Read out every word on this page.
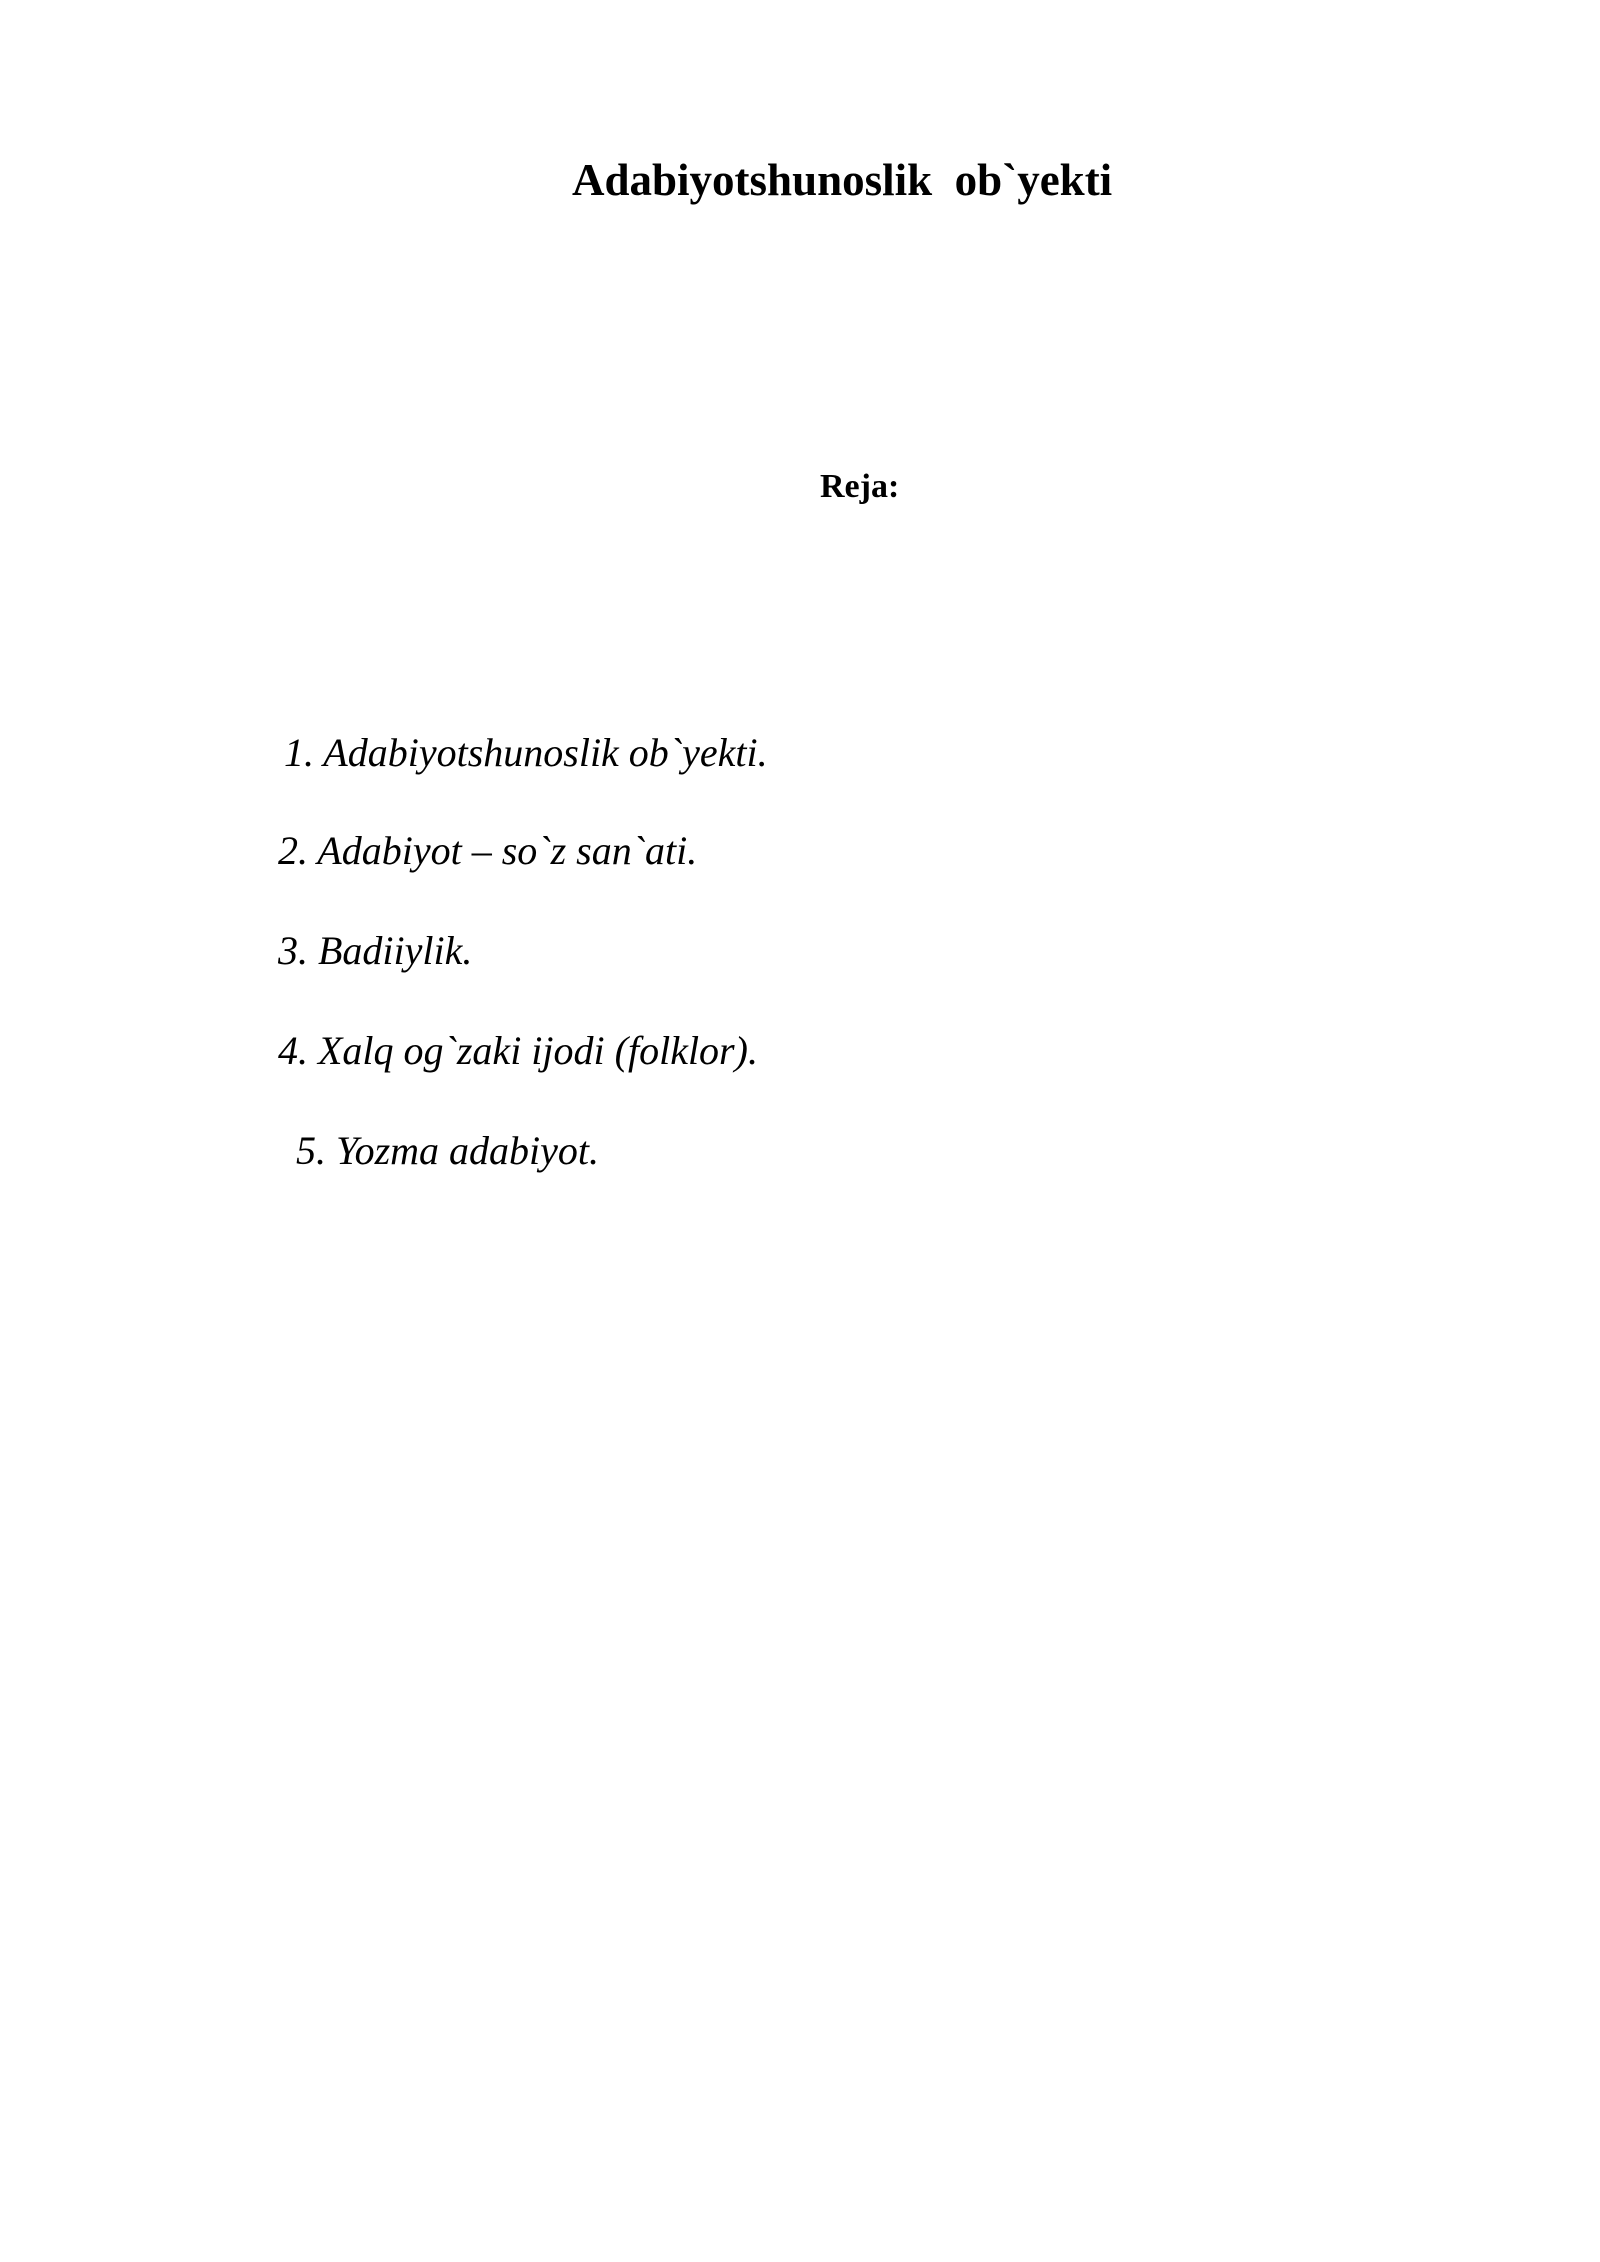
Adabiyotshunoslik  ob`yekti
Reja:
1. Adabiyotshunoslik ob`yekti.
2. Adabiyot – so`z san`ati.
3. Badiiylik.
4. Xalq og`zaki ijodi (folklor).
5. Yozma adabiyot.
